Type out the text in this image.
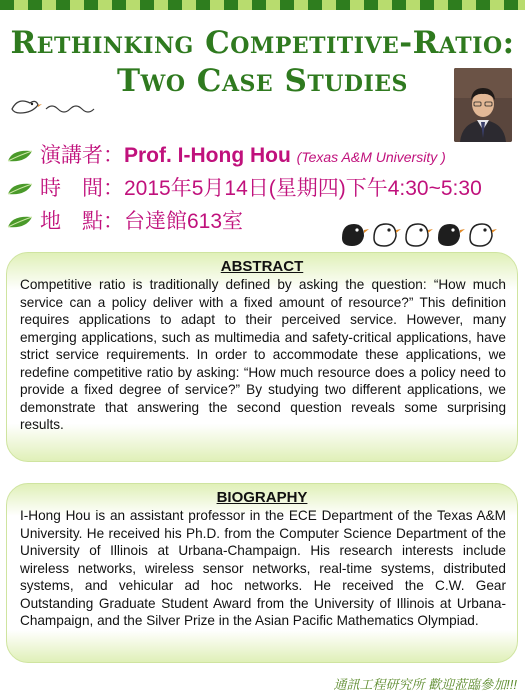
Rethinking Competitive-Ratio:
Two Case Studies
演講者：Prof. I-Hong Hou (Texas A&M University )
時　間：2015年5月14日(星期四)下午4:30~5:30
地　點：台達館613室
ABSTRACT

Competitive ratio is traditionally defined by asking the question: “How much service can a policy deliver with a fixed amount of resource?” This definition requires applications to adapt to their perceived service. However, many emerging applications, such as multimedia and safety-critical applications, have strict service requirements. In order to accommodate these applications, we redefine competitive ratio by asking: “How much resource does a policy need to provide a fixed degree of service?” By studying two different applications, we demonstrate that answering the second question reveals some surprising results.

BIOGRAPHY

I-Hong Hou is an assistant professor in the ECE Department of the Texas A&M University. He received his Ph.D. from the Computer Science Department of the University of Illinois at Urbana-Champaign. His research interests include wireless networks, wireless sensor networks, real-time systems, distributed systems, and vehicular ad hoc networks. He received the C.W. Gear Outstanding Graduate Student Award from the University of Illinois at Urbana-Champaign, and the Silver Prize in the Asian Pacific Mathematics Olympiad.

通訊工程研究所 歡迎蒞臨參加!!!
